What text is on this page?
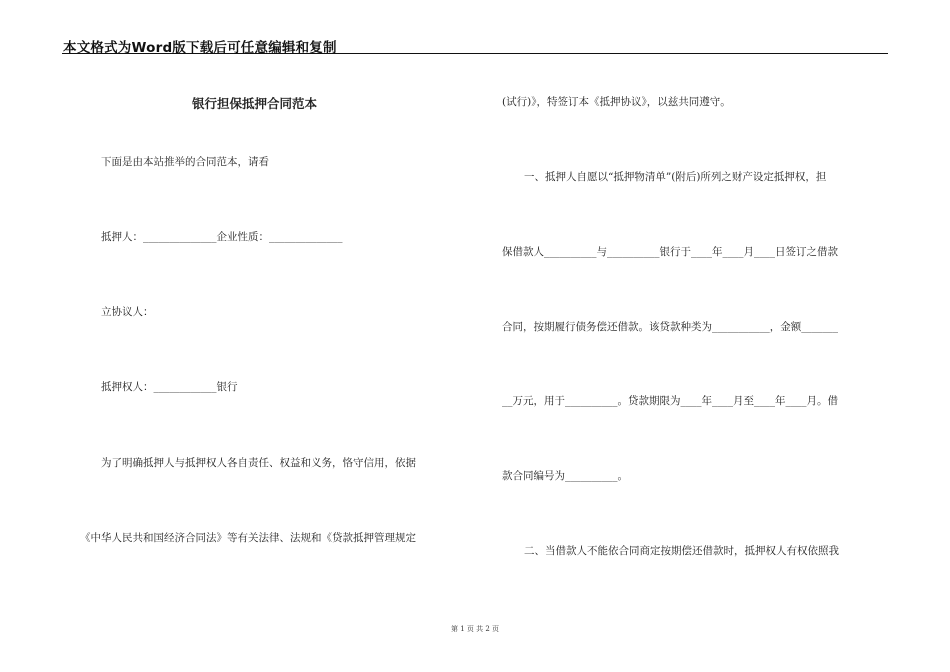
本文格式为Word版下载后可任意编辑和复制
银行担保抵押合同范本
下面是由本站推举的合同范本，请看
抵押人：______________企业性质：______________
立协议人：
抵押权人：____________银行
为了明确抵押人与抵押权人各自责任、权益和义务，恪守信用，依据
《中华人民共和国经济合同法》等有关法律、法规和《贷款抵押管理规定
(试行)》，特签订本《抵押协议》，以兹共同遵守。
一、抵押人自愿以“抵押物清单”(附后)所列之财产设定抵押权，担
保借款人__________与__________银行于____年____月____日签订之借款
合同，按期履行债务偿还借款。该贷款种类为___________，金额_______
__万元，用于__________。贷款期限为____年____月至____年____月。借
款合同编号为__________。
二、当借款人不能依合同商定按期偿还借款时，抵押权人有权依照我
第 1 页 共 2 页
